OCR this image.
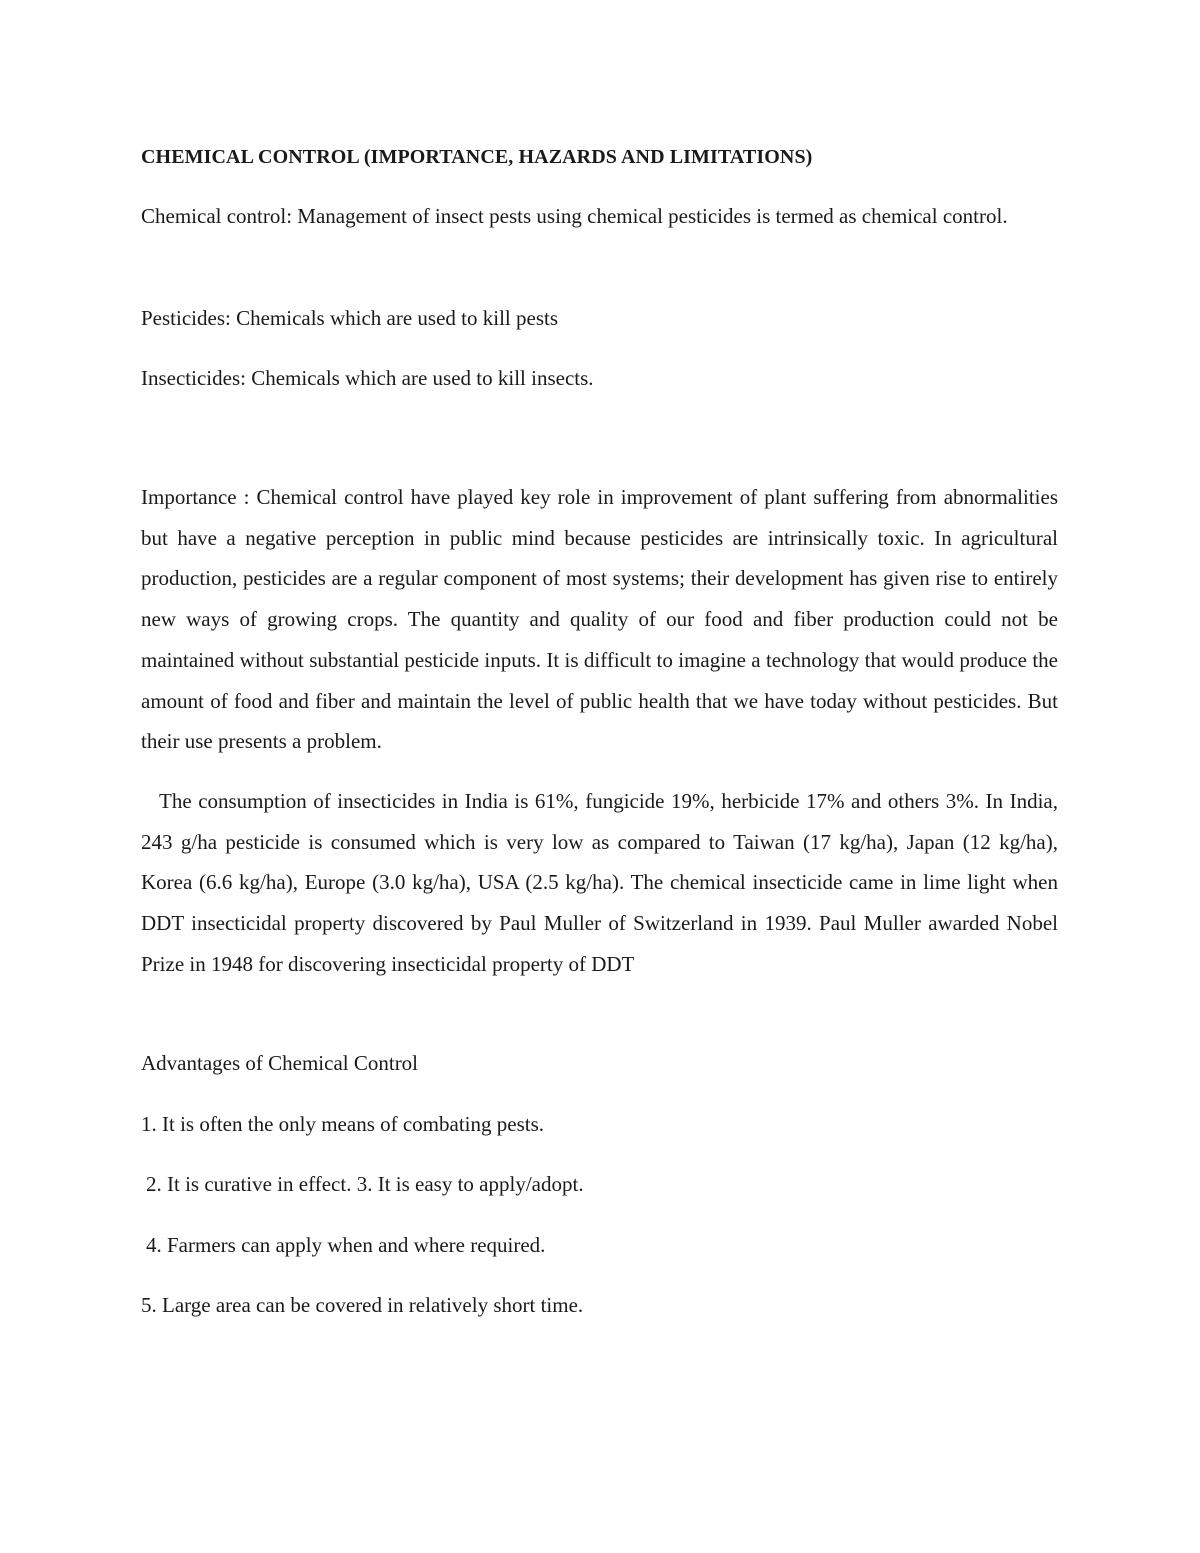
CHEMICAL CONTROL (IMPORTANCE, HAZARDS AND LIMITATIONS)

Chemical control: Management of insect pests using chemical pesticides is termed as chemical control.

Pesticides: Chemicals which are used to kill pests

Insecticides: Chemicals which are used to kill insects.

Importance : Chemical control have played key role in improvement of plant suffering from abnormalities but have a negative perception in public mind because pesticides are intrinsically toxic. In agricultural production, pesticides are a regular component of most systems; their development has given rise to entirely new ways of growing crops. The quantity and quality of our food and fiber production could not be maintained without substantial pesticide inputs. It is difficult to imagine a technology that would produce the amount of food and fiber and maintain the level of public health that we have today without pesticides. But their use presents a problem.

The consumption of insecticides in India is 61%, fungicide 19%, herbicide 17% and others 3%. In India, 243 g/ha pesticide is consumed which is very low as compared to Taiwan (17 kg/ha), Japan (12 kg/ha), Korea (6.6 kg/ha), Europe (3.0 kg/ha), USA (2.5 kg/ha). The chemical insecticide came in lime light when DDT insecticidal property discovered by Paul Muller of Switzerland in 1939. Paul Muller awarded Nobel Prize in 1948 for discovering insecticidal property of DDT

Advantages of Chemical Control

1. It is often the only means of combating pests.

2. It is curative in effect. 3. It is easy to apply/adopt.

4. Farmers can apply when and where required.

5. Large area can be covered in relatively short time.
